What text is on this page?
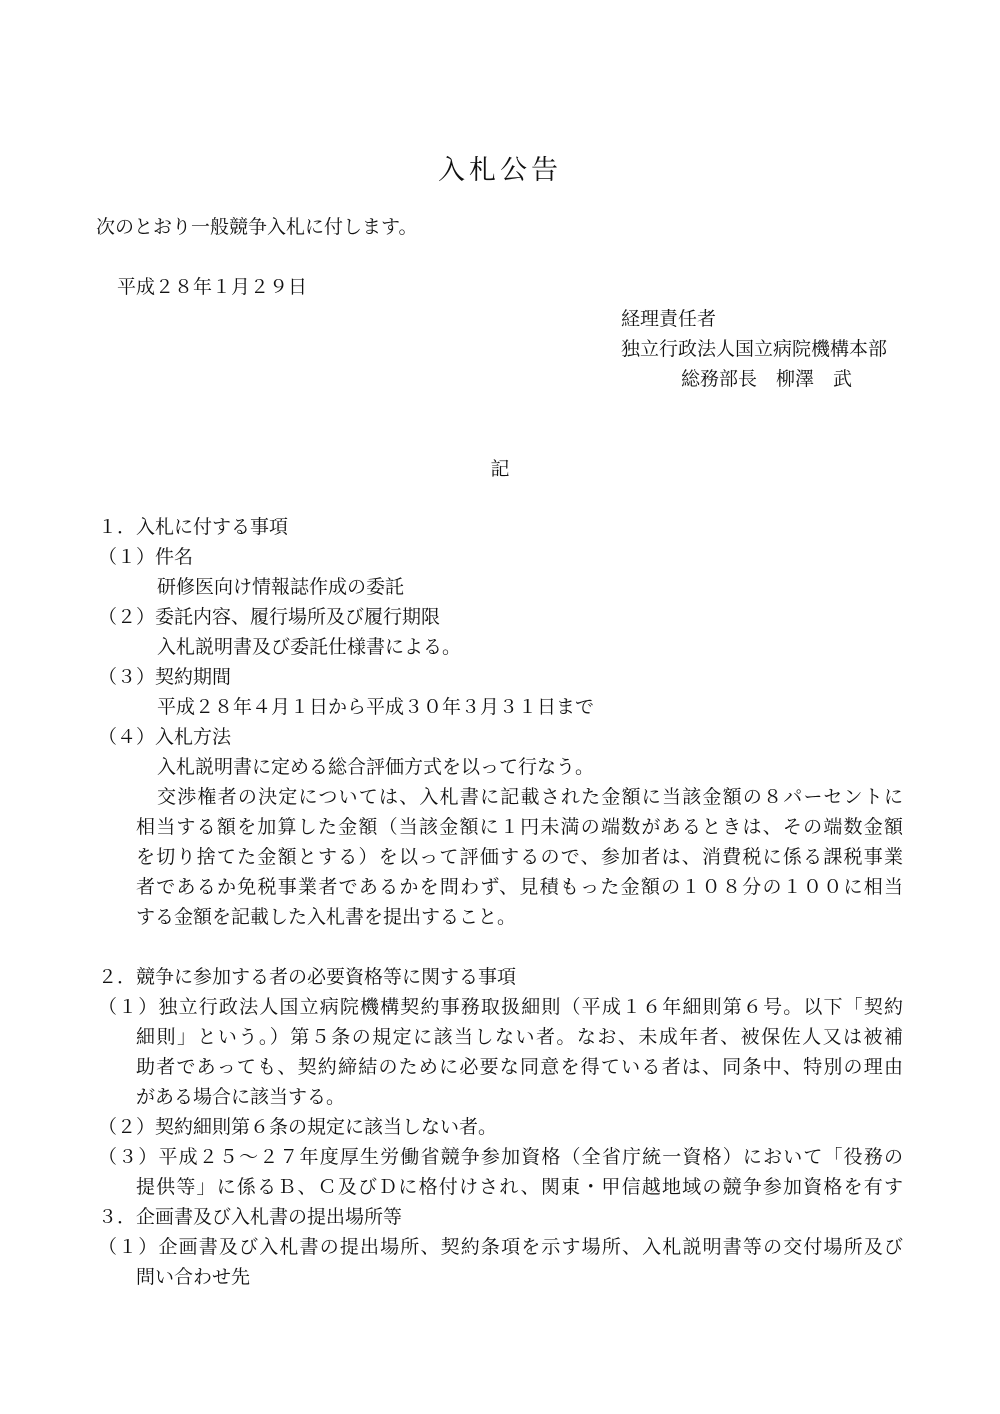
入札公告
次のとおり一般競争入札に付します。
平成２８年１月２９日
経理責任者
独立行政法人国立病院機構本部
総務部長　柳澤　武
記
１．入札に付する事項
（１）件名
研修医向け情報誌作成の委託
（２）委託内容、履行場所及び履行期限
入札説明書及び委託仕様書による。
（３）契約期間
平成２８年４月１日から平成３０年３月３１日まで
（４）入札方法
入札説明書に定める総合評価方式を以って行なう。
交渉権者の決定については、入札書に記載された金額に当該金額の８パーセントに
相当する額を加算した金額（当該金額に１円未満の端数があるときは、その端数金額
を切り捨てた金額とする）を以って評価するので、参加者は、消費税に係る課税事業
者であるか免税事業者であるかを問わず、見積もった金額の１０８分の１００に相当
する金額を記載した入札書を提出すること。
２．競争に参加する者の必要資格等に関する事項
（１）独立行政法人国立病院機構契約事務取扱細則（平成１６年細則第６号。以下「契約
細則」という。）第５条の規定に該当しない者。なお、未成年者、被保佐人又は被補
助者であっても、契約締結のために必要な同意を得ている者は、同条中、特別の理由
がある場合に該当する。
（２）契約細則第６条の規定に該当しない者。
（３）平成２５～２７年度厚生労働省競争参加資格（全省庁統一資格）において「役務の
提供等」に係るＢ、Ｃ及びＤに格付けされ、関東・甲信越地域の競争参加資格を有す
３．企画書及び入札書の提出場所等
（１）企画書及び入札書の提出場所、契約条項を示す場所、入札説明書等の交付場所及び
問い合わせ先
